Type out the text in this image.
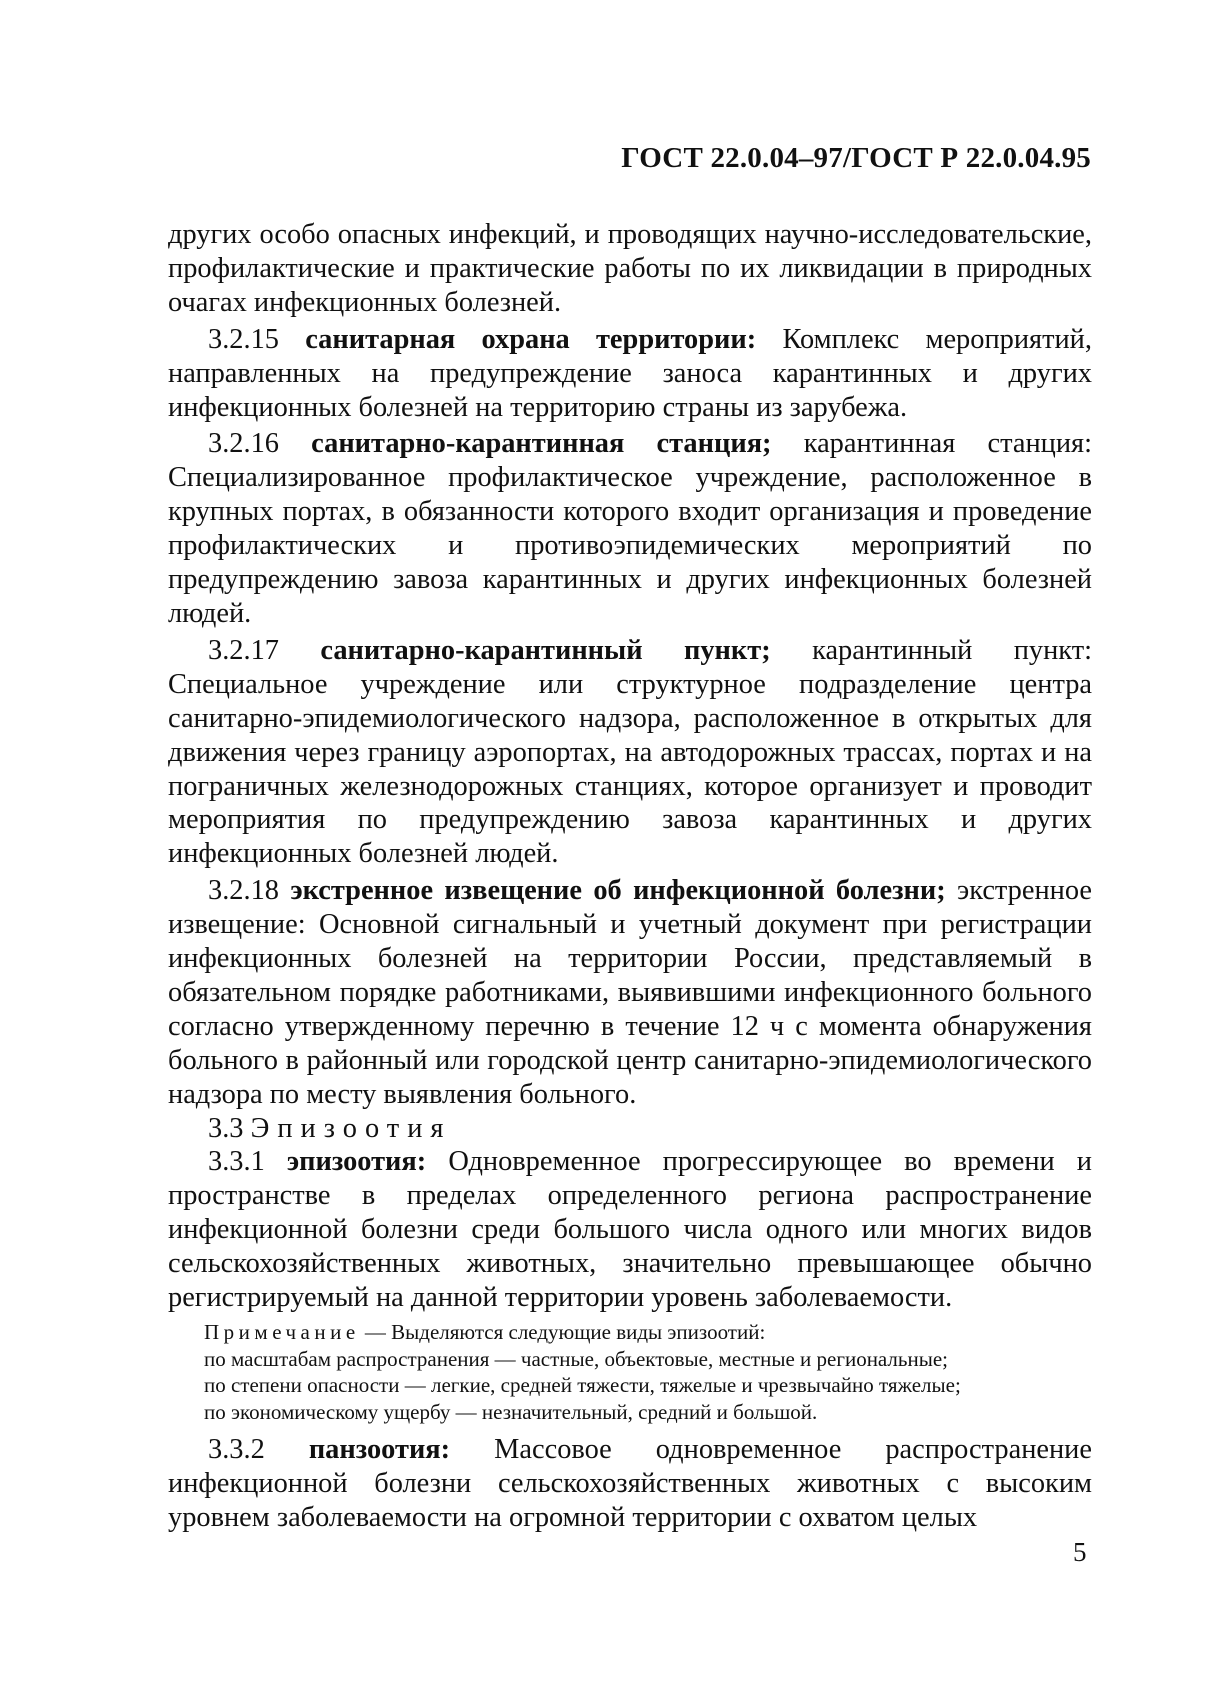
ГОСТ 22.0.04–97/ГОСТ Р 22.0.04.95

других особо опасных инфекций, и проводящих научно-исследовательские, профилактические и практические работы по их ликвидации в природных очагах инфекционных болезней.

3.2.15 санитарная охрана территории: Комплекс мероприятий, направленных на предупреждение заноса карантинных и других инфекционных болезней на территорию страны из зарубежа.

3.2.16 санитарно-карантинная станция; карантинная станция: Специализированное профилактическое учреждение, расположенное в крупных портах, в обязанности которого входит организация и проведение профилактических и противоэпидемических мероприятий по предупреждению завоза карантинных и других инфекционных болезней людей.

3.2.17 санитарно-карантинный пункт; карантинный пункт: Специальное учреждение или структурное подразделение центра санитарно-эпидемиологического надзора, расположенное в открытых для движения через границу аэропортах, на автодорожных трассах, портах и на пограничных железнодорожных станциях, которое организует и проводит мероприятия по предупреждению завоза карантинных и других инфекционных болезней людей.

3.2.18 экстренное извещение об инфекционной болезни; экстренное извещение: Основной сигнальный и учетный документ при регистрации инфекционных болезней на территории России, представляемый в обязательном порядке работниками, выявившими инфекционного больного согласно утвержденному перечню в течение 12 ч с момента обнаружения больного в районный или городской центр санитарно-эпидемиологического надзора по месту выявления больного.

3.3 Эпизоотия

3.3.1 эпизоотия: Одновременное прогрессирующее во времени и пространстве в пределах определенного региона распространение инфекционной болезни среди большого числа одного или многих видов сельскохозяйственных животных, значительно превышающее обычно регистрируемый на данной территории уровень заболеваемости.

Примечание — Выделяются следующие виды эпизоотий:

по масштабам распространения — частные, объектовые, местные и региональные;

по степени опасности — легкие, средней тяжести, тяжелые и чрезвычайно тяжелые;

по экономическому ущербу — незначительный, средний и большой.

3.3.2 панзоотия: Массовое одновременное распространение инфекционной болезни сельскохозяйственных животных с высоким уровнем заболеваемости на огромной территории с охватом целых

5
